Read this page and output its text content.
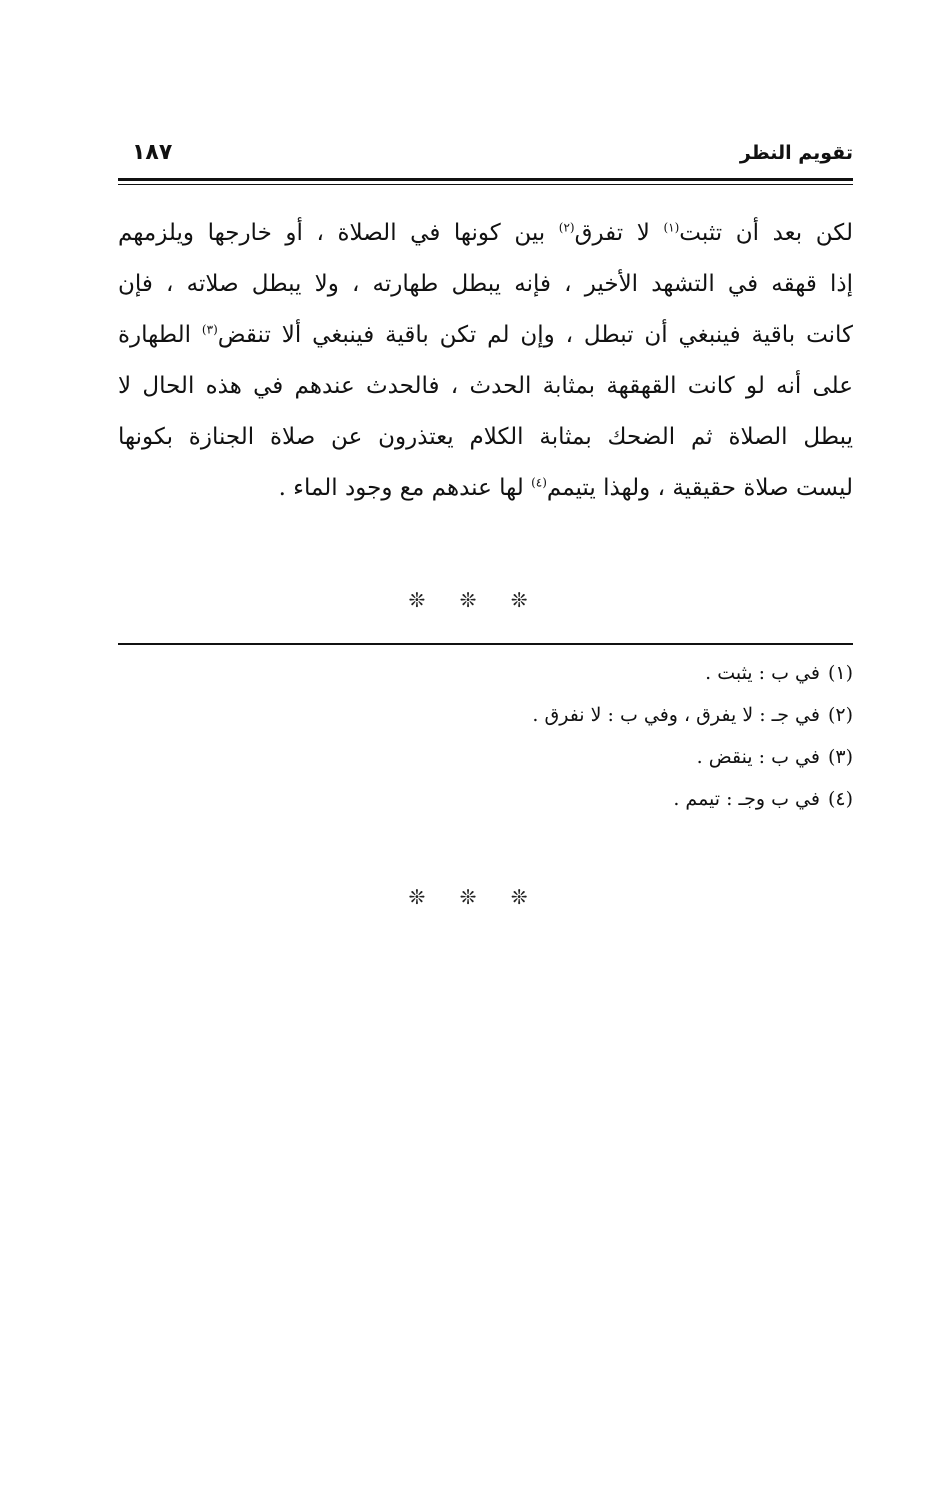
تقويم النظر
١٨٧

لكن بعد أن تثبت$^{(١)}$ لا تفرق$^{(٢)}$ بين كونها في الصلاة ، أو خارجها ويلزمهم
إذا قهقه في التشهد الأخير ، فإنه يبطل طهارته ، ولا يبطل صلاته ، فإن
كانت باقية فينبغي أن تبطل ، وإن لم تكن باقية فينبغي ألا تنقض$^{(٣)}$ الطهارة
على أنه لو كانت القهقهة بمثابة الحدث ، فالحدث عندهم في هذه الحال لا
يبطل الصلاة ثم الضحك بمثابة الكلام يعتذرون عن صلاة الجنازة بكونها
ليست صلاة حقيقية ، ولهذا يتيمم$^{(٤)}$ لها عندهم مع وجود الماء .

❊ ❊ ❊
(١)في ب : يثبت .
(٢)في جـ : لا يفرق ، وفي ب : لا نفرق .
(٣)في ب : ينقض .
(٤)في ب وجـ : تيمم .
❊ ❊ ❊
